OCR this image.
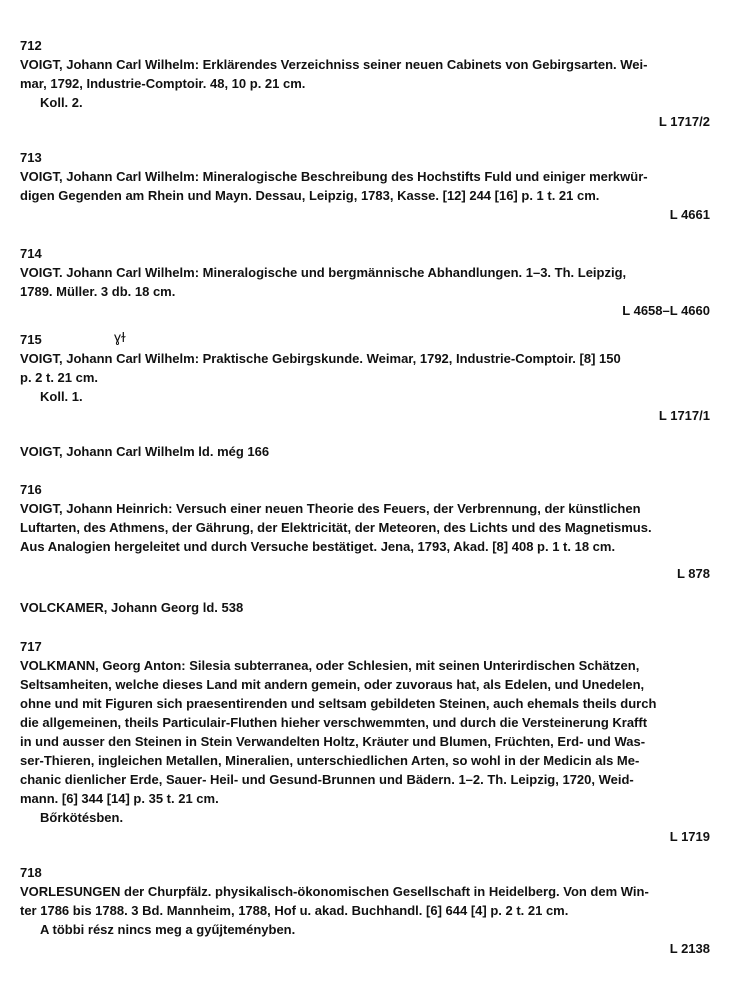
712

VOIGT, Johann Carl Wilhelm: Erklärendes Verzeichniss seiner neuen Cabinets von Gebirgsarten. Wei-

mar, 1792, Industrie-Comptoir. 48, 10 p. 21 cm.

Koll. 2.

L 1717/2

713

VOIGT, Johann Carl Wilhelm: Mineralogische Beschreibung des Hochstifts Fuld und einiger merkwür-

digen Gegenden am Rhein und Mayn. Dessau, Leipzig, 1783, Kasse. [12] 244 [16] p. 1 t. 21 cm.

L 4661

714

VOIGT. Johann Carl Wilhelm: Mineralogische und bergmännische Abhandlungen. 1–3. Th. Leipzig,

1789. Müller. 3 db. 18 cm.

L 4658–L 4660

715	ɣɫ

VOIGT, Johann Carl Wilhelm: Praktische Gebirgskunde. Weimar, 1792, Industrie-Comptoir. [8] 150

p. 2 t. 21 cm.

Koll. 1.

L 1717/1

VOIGT, Johann Carl Wilhelm ld. még 166

716

VOIGT, Johann Heinrich: Versuch einer neuen Theorie des Feuers, der Verbrennung, der künstlichen

Luftarten, des Athmens, der Gährung, der Elektricität, der Meteoren, des Lichts und des Magnetismus.

Aus Analogien hergeleitet und durch Versuche bestätiget. Jena, 1793, Akad. [8] 408 p. 1 t. 18 cm.

L 878

VOLCKAMER, Johann Georg ld. 538

717

VOLKMANN, Georg Anton: Silesia subterranea, oder Schlesien, mit seinen Unterirdischen Schätzen,

Seltsamheiten, welche dieses Land mit andern gemein, oder zuvoraus hat, als Edelen, und Unedelen,

ohne und mit Figuren sich praesentirenden und seltsam gebildeten Steinen, auch ehemals theils durch

die allgemeinen, theils Particulair-Fluthen hieher verschwemmten, und durch die Versteinerung Krafft

in und ausser den Steinen in Stein Verwandelten Holtz, Kräuter und Blumen, Früchten, Erd- und Was-

ser-Thieren, ingleichen Metallen, Mineralien, unterschiedlichen Arten, so wohl in der Medicin als Me-

chanic dienlicher Erde, Sauer- Heil- und Gesund-Brunnen und Bädern. 1–2. Th. Leipzig, 1720, Weid-

mann. [6] 344 [14] p. 35 t. 21 cm.

Bőrkötésben.

L 1719

718

VORLESUNGEN der Churpfälz. physikalisch-ökonomischen Gesellschaft in Heidelberg. Von dem Win-

ter 1786 bis 1788. 3 Bd. Mannheim, 1788, Hof u. akad. Buchhandl. [6] 644 [4] p. 2 t. 21 cm.

A többi rész nincs meg a gyűjteményben.

L 2138
